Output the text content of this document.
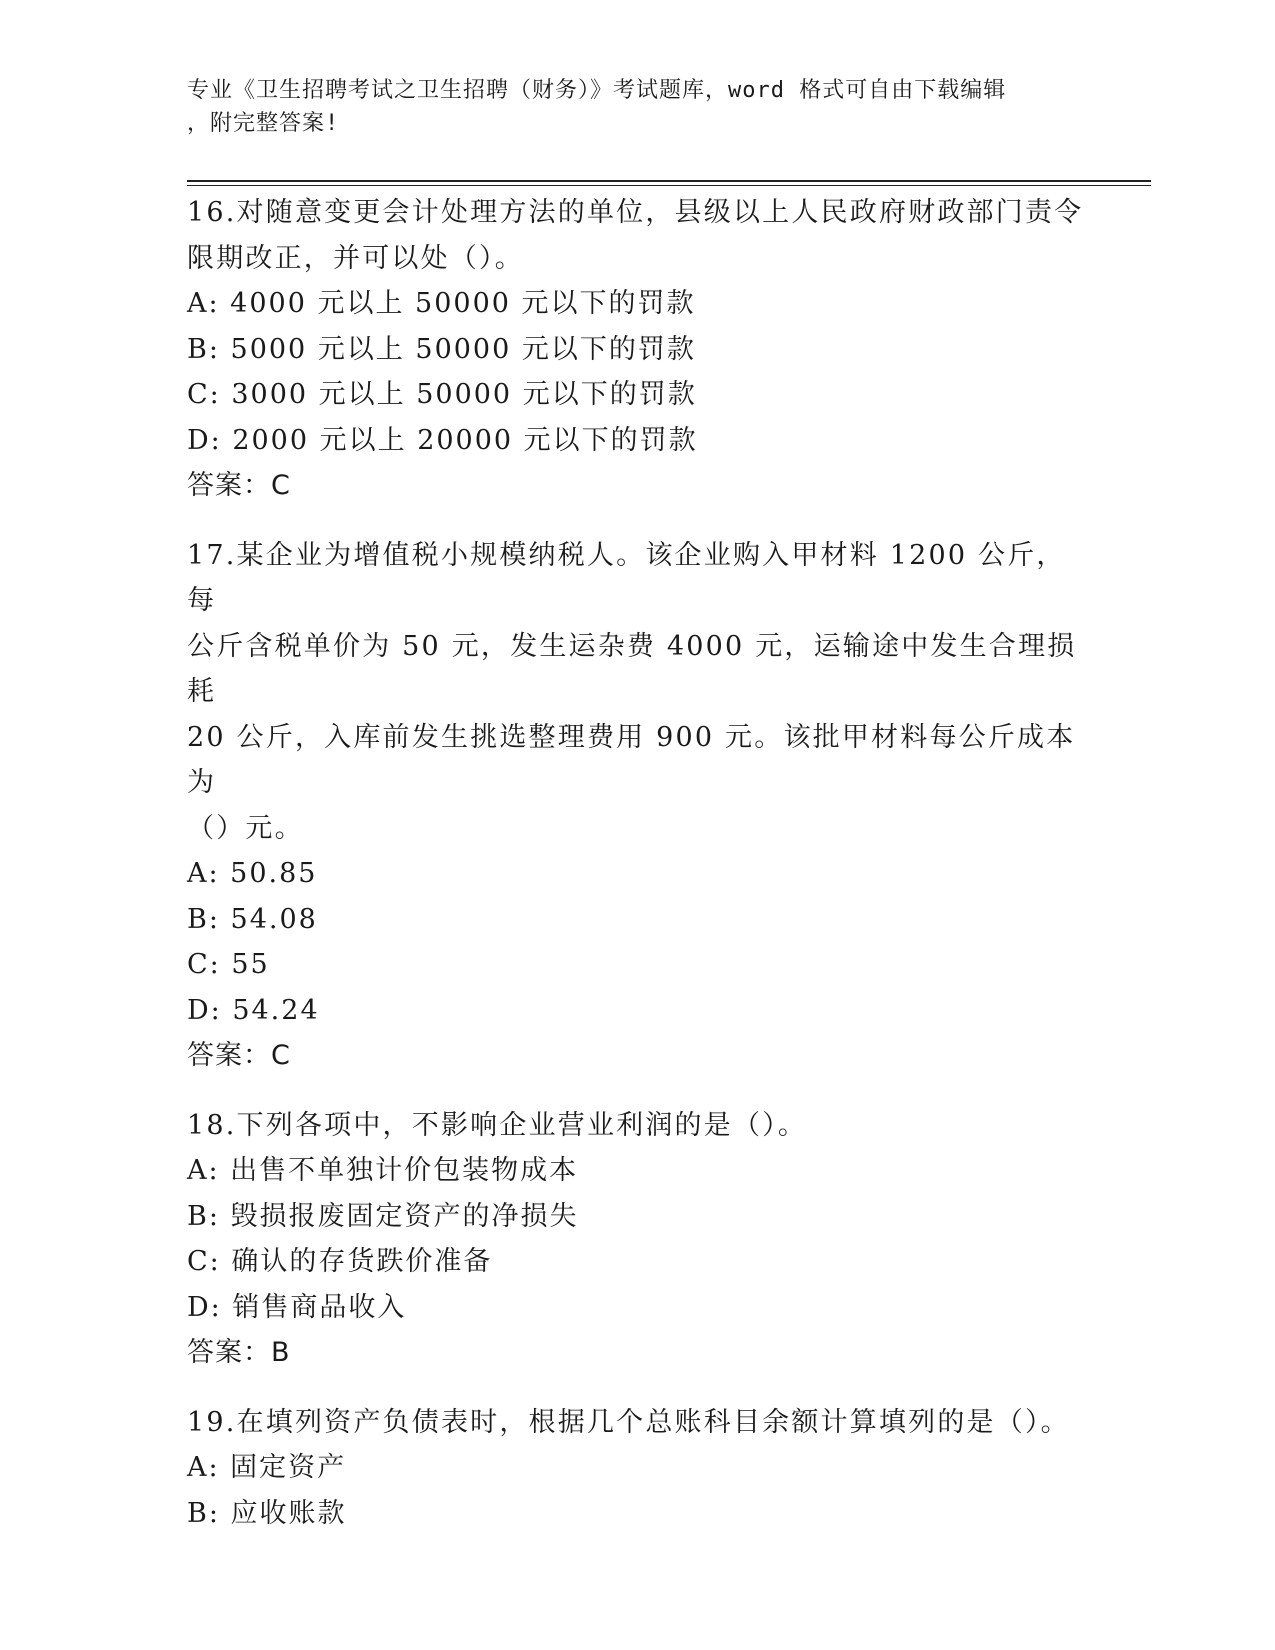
专业《卫生招聘考试之卫生招聘（财务）》考试题库，word 格式可自由下载编辑
，附完整答案!

16.对随意变更会计处理方法的单位，县级以上人民政府财政部门责令

限期改正，并可以处（）。

A: 4000 元以上 50000 元以下的罚款

B: 5000 元以上 50000 元以下的罚款

C: 3000 元以上 50000 元以下的罚款

D: 2000 元以上 20000 元以下的罚款

答案：C

17.某企业为增值税小规模纳税人。该企业购入甲材料 1200 公斤，每

公斤含税单价为 50 元，发生运杂费 4000 元，运输途中发生合理损耗

20 公斤，入库前发生挑选整理费用 900 元。该批甲材料每公斤成本为

（）元。

A: 50.85

B: 54.08

C: 55

D: 54.24

答案：C

18.下列各项中，不影响企业营业利润的是（）。

A: 出售不单独计价包装物成本

B: 毁损报废固定资产的净损失

C: 确认的存货跌价准备

D: 销售商品收入

答案：B

19.在填列资产负债表时，根据几个总账科目余额计算填列的是（）。

A: 固定资产

B: 应收账款
